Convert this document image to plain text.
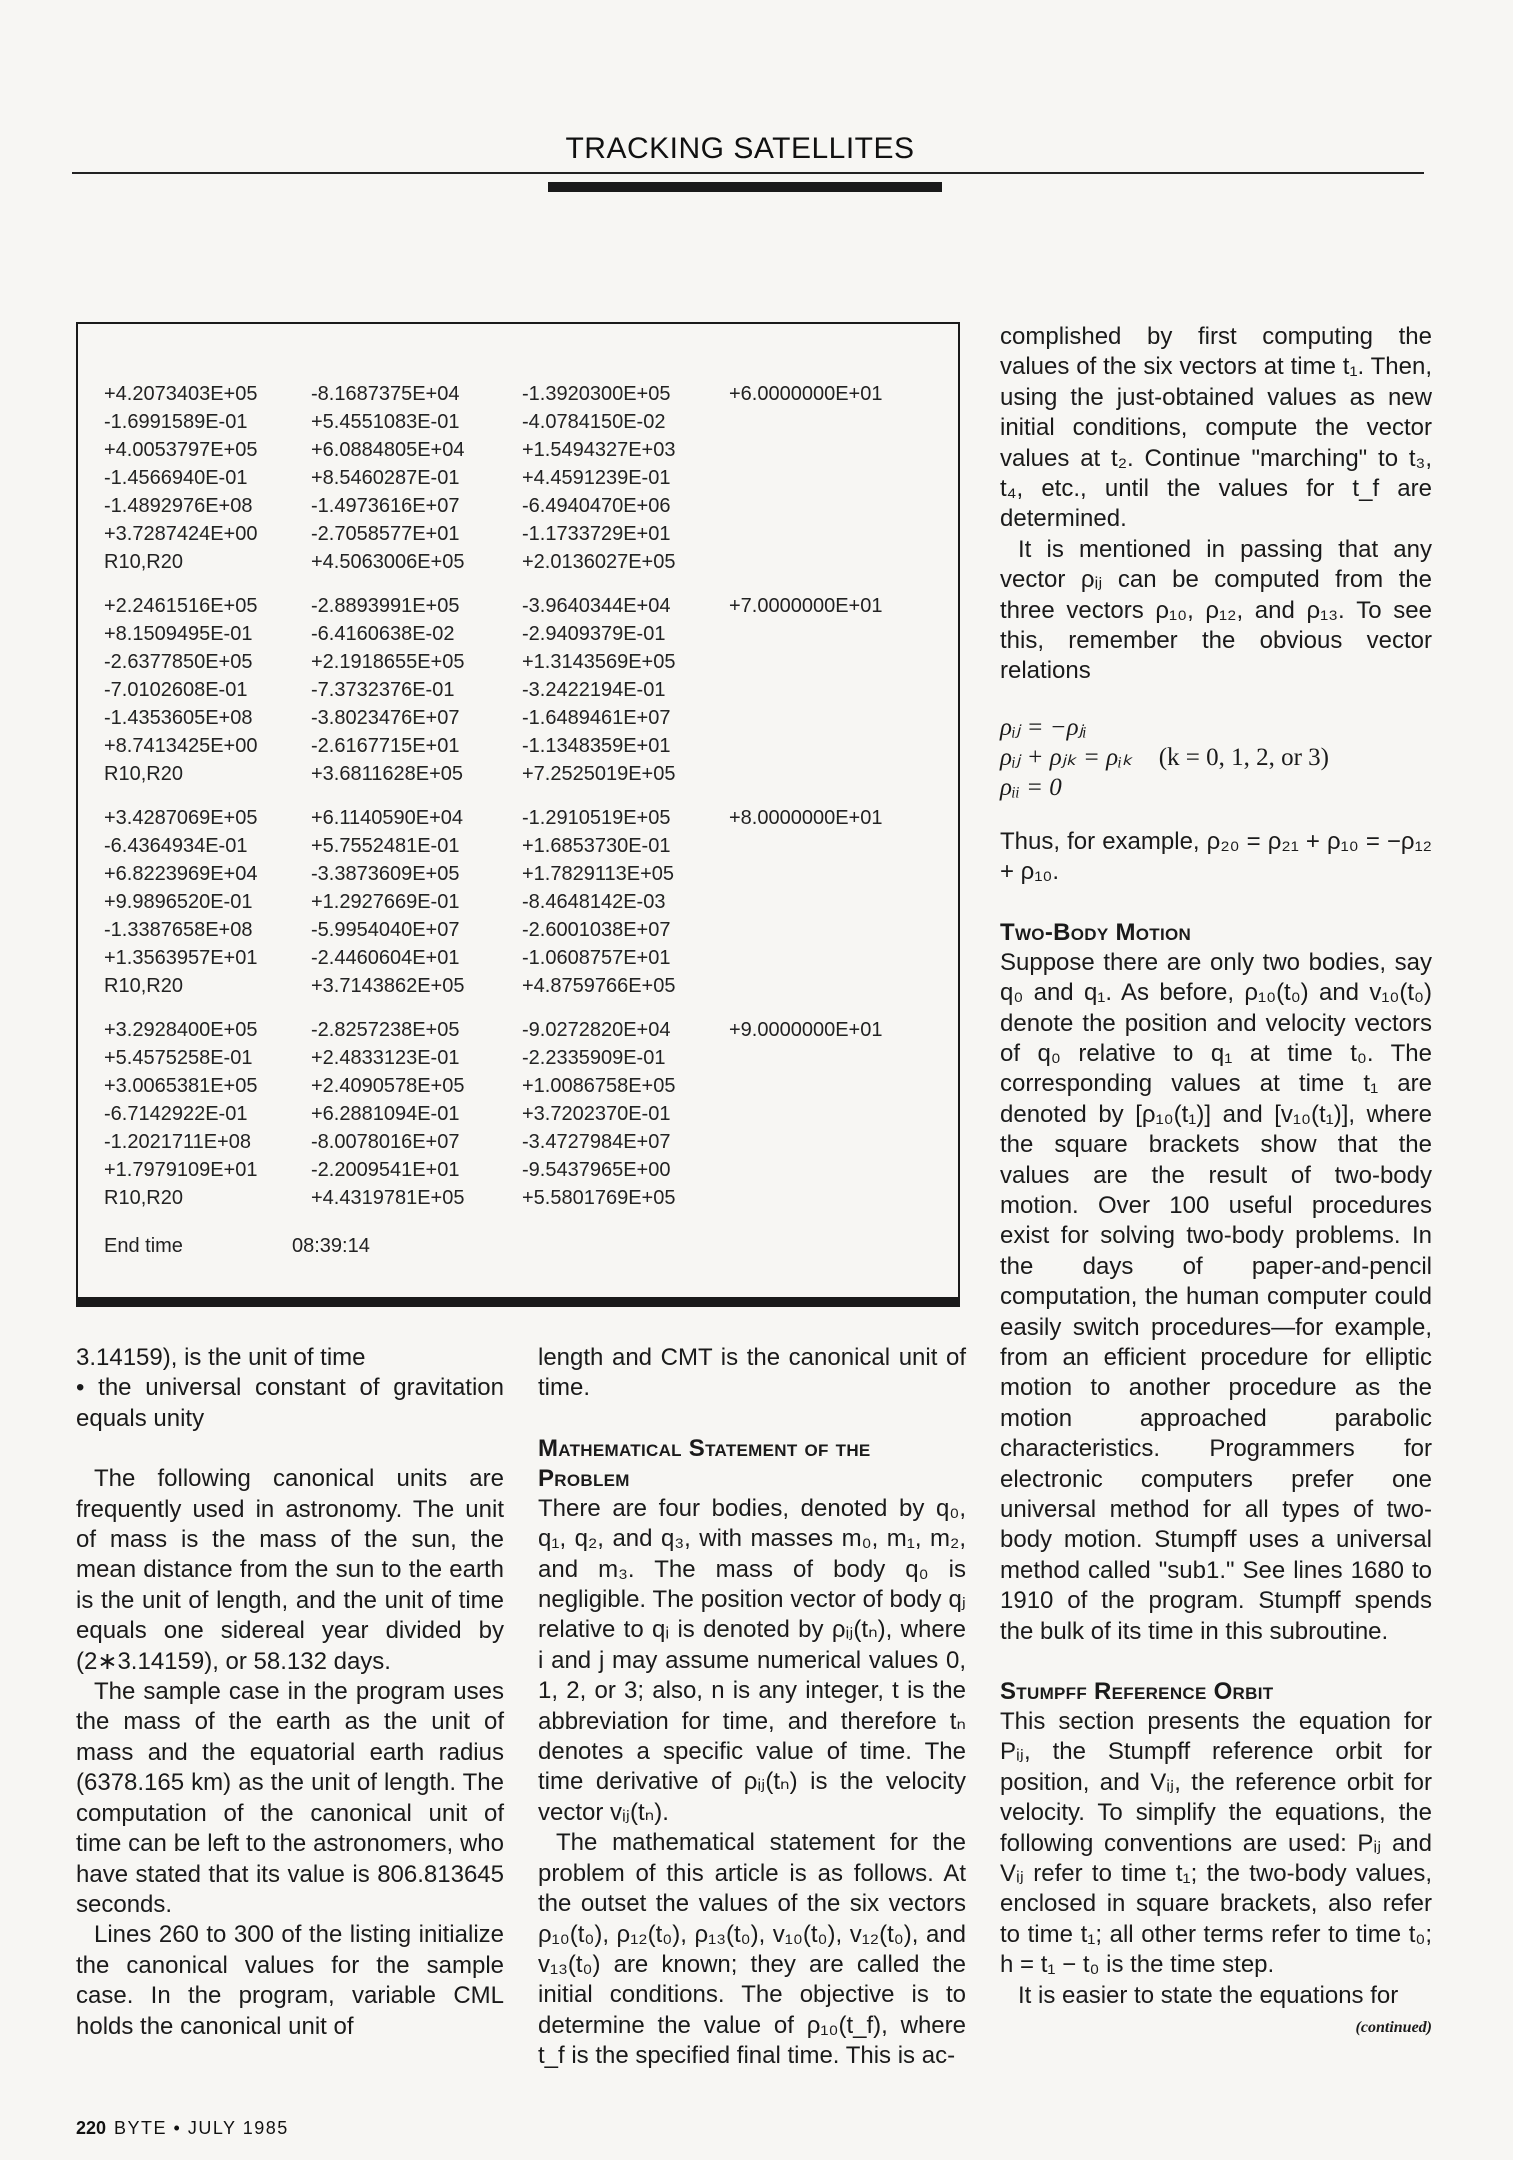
TRACKING SATELLITES
+4.2073403E+05	-8.1687375E+04	-1.3920300E+05	+6.0000000E+01
-1.6991589E-01	+5.4551083E-01	-4.0784150E-02
+4.0053797E+05	+6.0884805E+04	+1.5494327E+03
-1.4566940E-01	+8.5460287E-01	+4.4591239E-01
-1.4892976E+08	-1.4973616E+07	-6.4940470E+06
+3.7287424E+00	-2.7058577E+01	-1.1733729E+01
R10,R20	+4.5063006E+05	+2.0136027E+05
+2.2461516E+05	-2.8893991E+05	-3.9640344E+04	+7.0000000E+01
+8.1509495E-01	-6.4160638E-02	-2.9409379E-01
-2.6377850E+05	+2.1918655E+05	+1.3143569E+05
-7.0102608E-01	-7.3732376E-01	-3.2422194E-01
-1.4353605E+08	-3.8023476E+07	-1.6489461E+07
+8.7413425E+00	-2.6167715E+01	-1.1348359E+01
R10,R20	+3.6811628E+05	+7.2525019E+05
+3.4287069E+05	+6.1140590E+04	-1.2910519E+05	+8.0000000E+01
-6.4364934E-01	+5.7552481E-01	+1.6853730E-01
+6.8223969E+04	-3.3873609E+05	+1.7829113E+05
+9.9896520E-01	+1.2927669E-01	-8.4648142E-03
-1.3387658E+08	-5.9954040E+07	-2.6001038E+07
+1.3563957E+01	-2.4460604E+01	-1.0608757E+01
R10,R20	+3.7143862E+05	+4.8759766E+05
+3.2928400E+05	-2.8257238E+05	-9.0272820E+04	+9.0000000E+01
+5.4575258E-01	+2.4833123E-01	-2.2335909E-01
+3.0065381E+05	+2.4090578E+05	+1.0086758E+05
-6.7142922E-01	+6.2881094E-01	+3.7202370E-01
-1.2021711E+08	-8.0078016E+07	-3.4727984E+07
+1.7979109E+01	-2.2009541E+01	-9.5437965E+00
R10,R20	+4.4319781E+05	+5.5801769E+05
End time	08:39:14

3.14159), is the unit of time

• the universal constant of gravitation equals unity

The following canonical units are frequently used in astronomy. The unit of mass is the mass of the sun, the mean distance from the sun to the earth is the unit of length, and the unit of time equals one sidereal year divided by (2∗3.14159), or 58.132 days.

The sample case in the program uses the mass of the earth as the unit of mass and the equatorial earth radius (6378.165 km) as the unit of length. The computation of the canonical unit of time can be left to the astronomers, who have stated that its value is 806.813645 seconds.

Lines 260 to 300 of the listing initialize the canonical values for the sample case. In the program, variable CML holds the canonical unit of

length and CMT is the canonical unit of time.

Mathematical Statement of the Problem

There are four bodies, denoted by q₀, q₁, q₂, and q₃, with masses m₀, m₁, m₂, and m₃. The mass of body q₀ is negligible. The position vector of body qⱼ relative to qᵢ is denoted by ρᵢⱼ(tₙ), where i and j may assume numerical values 0, 1, 2, or 3; also, n is any integer, t is the abbreviation for time, and therefore tₙ denotes a specific value of time. The time derivative of ρᵢⱼ(tₙ) is the velocity vector vᵢⱼ(tₙ).

The mathematical statement for the problem of this article is as follows. At the outset the values of the six vectors ρ₁₀(t₀), ρ₁₂(t₀), ρ₁₃(t₀), v₁₀(t₀), v₁₂(t₀), and v₁₃(t₀) are known; they are called the initial conditions. The objective is to determine the value of ρ₁₀(t_f), where t_f is the specified final time. This is ac-

complished by first computing the values of the six vectors at time t₁. Then, using the just-obtained values as new initial conditions, compute the vector values at t₂. Continue "marching" to t₃, t₄, etc., until the values for t_f are determined.

It is mentioned in passing that any vector ρᵢⱼ can be computed from the three vectors ρ₁₀, ρ₁₂, and ρ₁₃. To see this, remember the obvious vector relations

ρᵢⱼ = −ρⱼᵢ
ρᵢⱼ + ρⱼₖ = ρᵢₖ (k = 0, 1, 2, or 3)
ρᵢᵢ = 0

Thus, for example, ρ₂₀ = ρ₂₁ + ρ₁₀ = −ρ₁₂ + ρ₁₀.

Two-Body Motion

Suppose there are only two bodies, say q₀ and q₁. As before, ρ₁₀(t₀) and v₁₀(t₀) denote the position and velocity vectors of q₀ relative to q₁ at time t₀. The corresponding values at time t₁ are denoted by [ρ₁₀(t₁)] and [v₁₀(t₁)], where the square brackets show that the values are the result of two-body motion. Over 100 useful procedures exist for solving two-body problems. In the days of paper-and-pencil computation, the human computer could easily switch procedures—for example, from an efficient procedure for elliptic motion to another procedure as the motion approached parabolic characteristics. Programmers for electronic computers prefer one universal method for all types of two-body motion. Stumpff uses a universal method called "sub1." See lines 1680 to 1910 of the program. Stumpff spends the bulk of its time in this subroutine.

Stumpff Reference Orbit

This section presents the equation for Pᵢⱼ, the Stumpff reference orbit for position, and Vᵢⱼ, the reference orbit for velocity. To simplify the equations, the following conventions are used: Pᵢⱼ and Vᵢⱼ refer to time t₁; the two-body values, enclosed in square brackets, also refer to time t₁; all other terms refer to time t₀; h = t₁ − t₀ is the time step.

It is easier to state the equations for

(continued)
220 BYTE • JULY 1985
